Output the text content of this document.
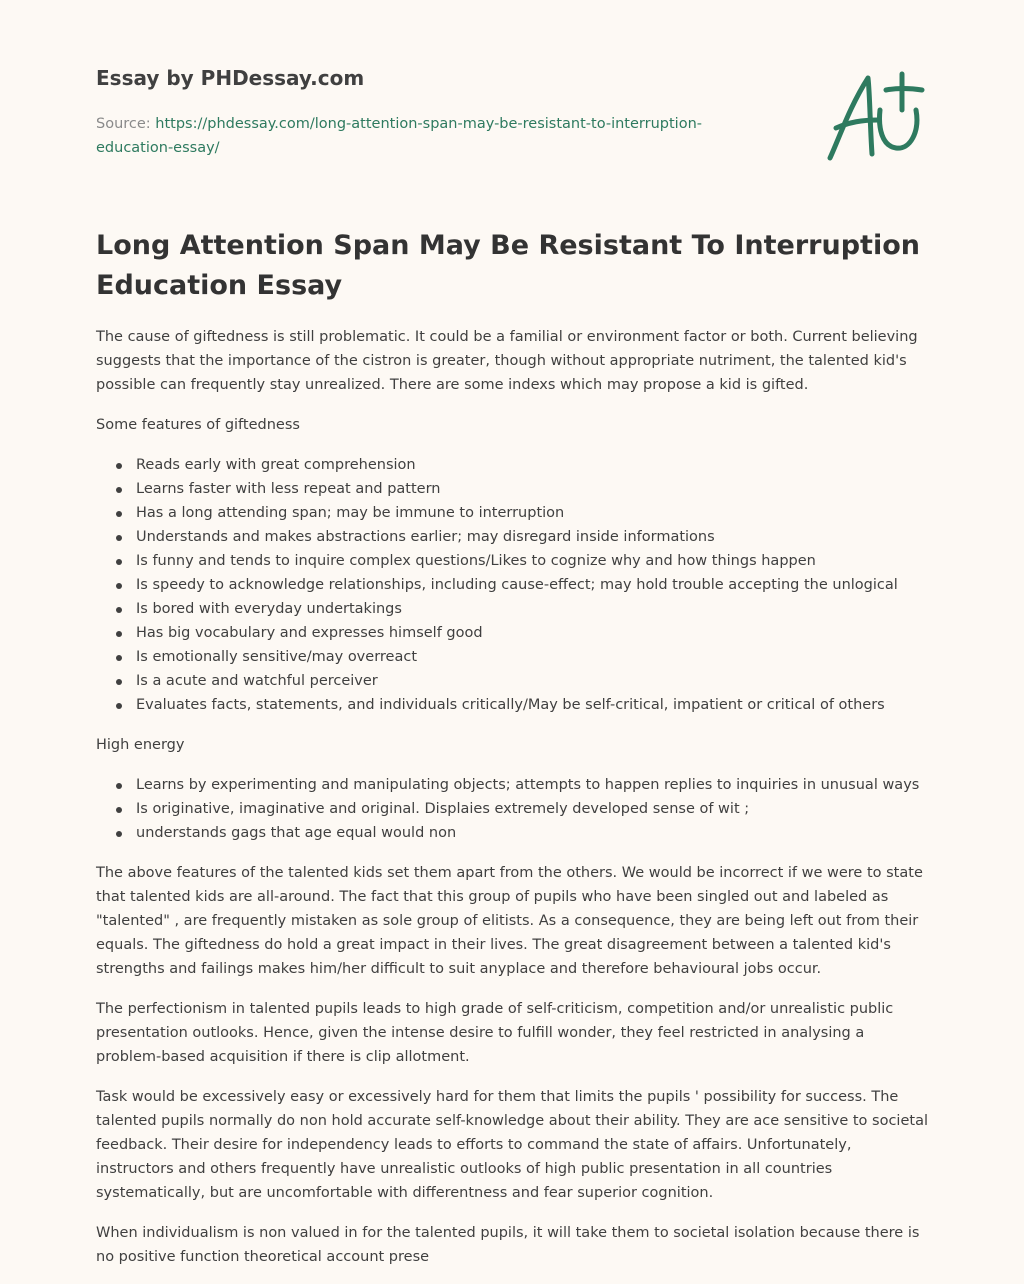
Essay by PHDessay.com
Source: https://phdessay.com/long-attention-span-may-be-resistant-to-interruption-education-essay/
Long Attention Span May Be Resistant To Interruption Education Essay

The cause of giftedness is still problematic. It could be a familial or environment factor or both. Current believing suggests that the importance of the cistron is greater, though without appropriate nutriment, the talented kid's possible can frequently stay unrealized. There are some indexs which may propose a kid is gifted.

Some features of giftedness

Reads early with great comprehension
Learns faster with less repeat and pattern
Has a long attending span; may be immune to interruption
Understands and makes abstractions earlier; may disregard inside informations
Is funny and tends to inquire complex questions/Likes to cognize why and how things happen
Is speedy to acknowledge relationships, including cause-effect; may hold trouble accepting the unlogical
Is bored with everyday undertakings
Has big vocabulary and expresses himself good
Is emotionally sensitive/may overreact
Is a acute and watchful perceiver
Evaluates facts, statements, and individuals critically/May be self-critical, impatient or critical of others

High energy

Learns by experimenting and manipulating objects; attempts to happen replies to inquiries in unusual ways
Is originative, imaginative and original. Displaies extremely developed sense of wit ;
understands gags that age equal would non

The above features of the talented kids set them apart from the others. We would be incorrect if we were to state that talented kids are all-around. The fact that this group of pupils who have been singled out and labeled as "talented" , are frequently mistaken as sole group of elitists. As a consequence, they are being left out from their equals. The giftedness do hold a great impact in their lives. The great disagreement between a talented kid's strengths and failings makes him/her difficult to suit anyplace and therefore behavioural jobs occur.

The perfectionism in talented pupils leads to high grade of self-criticism, competition and/or unrealistic public presentation outlooks. Hence, given the intense desire to fulfill wonder, they feel restricted in analysing a problem-based acquisition if there is clip allotment.

Task would be excessively easy or excessively hard for them that limits the pupils ' possibility for success. The talented pupils normally do non hold accurate self-knowledge about their ability. They are ace sensitive to societal feedback. Their desire for independency leads to efforts to command the state of affairs. Unfortunately, instructors and others frequently have unrealistic outlooks of high public presentation in all countries systematically, but are uncomfortable with differentness and fear superior cognition.

When individualism is non valued in for the talented pupils, it will take them to societal isolation because there is no positive function theoretical account prese
